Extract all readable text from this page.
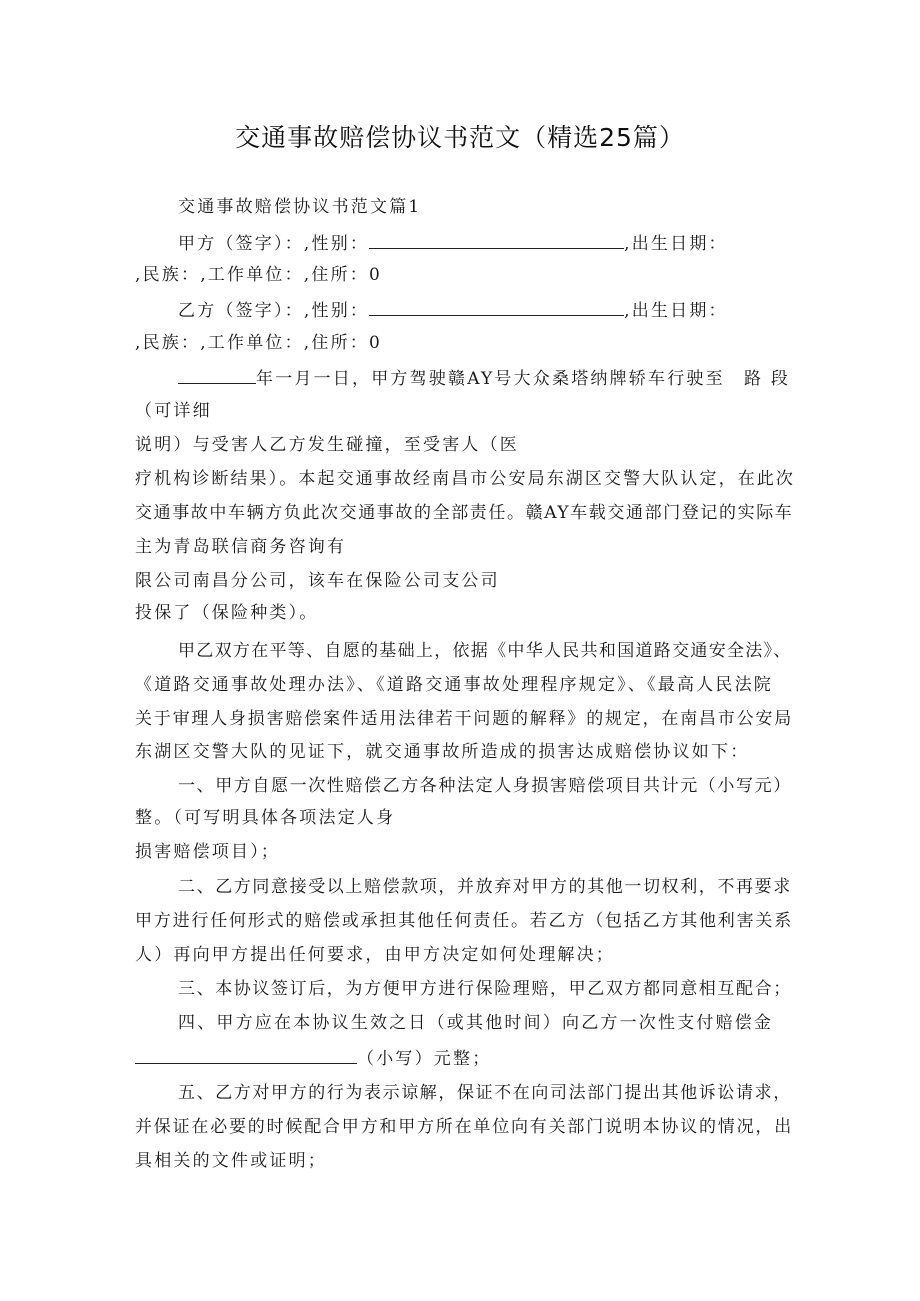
交通事故赔偿协议书范文（精选25篇）
交通事故赔偿协议书范文篇1
甲方（签字）：,性别：	,出生日期：
,民族：,工作单位：,住所：0
乙方（签字）：,性别：	,出生日期：
,民族：,工作单位：,住所：0
年一月一日，甲方驾驶赣AY号大众桑塔纳牌轿车行驶至　路 段
（可详细
说明）与受害人乙方发生碰撞，至受害人（医
疗机构诊断结果）。本起交通事故经南昌市公安局东湖区交警大队认定，在此次
交通事故中车辆方负此次交通事故的全部责任。赣AY车载交通部门登记的实际车
主为青岛联信商务咨询有
限公司南昌分公司，该车在保险公司支公司
投保了（保险种类）。
甲乙双方在平等、自愿的基础上，依据《中华人民共和国道路交通安全法》、
《道路交通事故处理办法》、《道路交通事故处理程序规定》、《最高人民法院
关于审理人身损害赔偿案件适用法律若干问题的解释》的规定，在南昌市公安局
东湖区交警大队的见证下，就交通事故所造成的损害达成赔偿协议如下：
一、甲方自愿一次性赔偿乙方各种法定人身损害赔偿项目共计元（小写元）
整。（可写明具体各项法定人身
损害赔偿项目）；
二、乙方同意接受以上赔偿款项，并放弃对甲方的其他一切权利，不再要求
甲方进行任何形式的赔偿或承担其他任何责任。若乙方（包括乙方其他利害关系
人）再向甲方提出任何要求，由甲方决定如何处理解决；
三、本协议签订后，为方便甲方进行保险理赔，甲乙双方都同意相互配合；
四、甲方应在本协议生效之日（或其他时间）向乙方一次性支付赔偿金
（小写）元整；
五、乙方对甲方的行为表示谅解，保证不在向司法部门提出其他诉讼请求，
并保证在必要的时候配合甲方和甲方所在单位向有关部门说明本协议的情况，出
具相关的文件或证明；
